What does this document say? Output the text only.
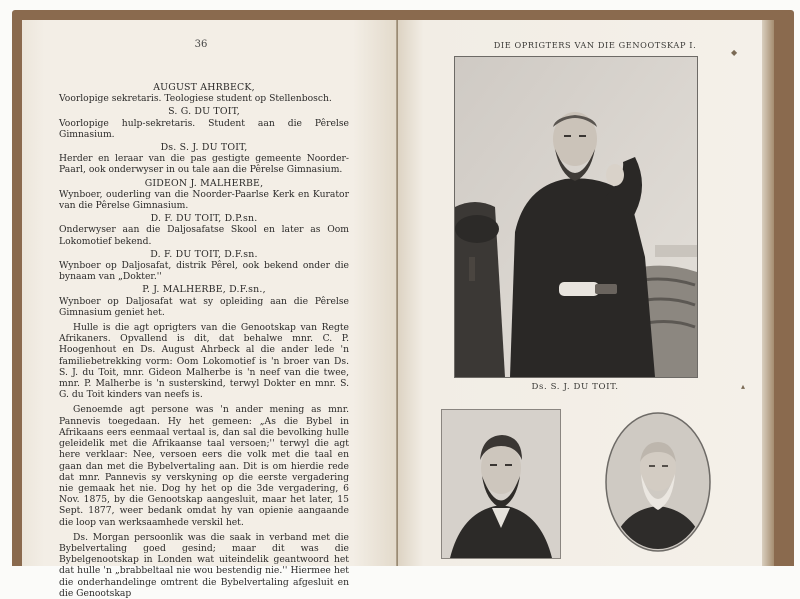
36
AUGUST AHRBECK,
Voorlopige sekretaris. Teologiese student op Stellenbosch.
S. G. DU TOIT,
Voorlopige hulp-sekretaris. Student aan die Pêrelse Gimnasium.
Ds. S. J. DU TOIT,
Herder en leraar van die pas gestigte gemeente Noorder-Paarl, ook onderwyser in ou tale aan die Pêrelse Gimnasium.
GIDEON J. MALHERBE,
Wynboer, ouderling van die Noorder-Paarlse Kerk en Kurator van die Pêrelse Gimnasium.
D. F. DU TOIT, D.P.sn.
Onderwyser aan die Daljosafatse Skool en later as Oom Lokomotief bekend.
D. F. DU TOIT, D.F.sn.
Wynboer op Daljosafat, distrik Pêrel, ook bekend onder die bynaam van „Dokter.''
P. J. MALHERBE, D.F.sn.,
Wynboer op Daljosafat wat sy opleiding aan die Pêrelse Gimnasium geniet het.

Hulle is die agt oprigters van die Genootskap van Regte Afrikaners. Opvallend is dit, dat behalwe mnr. C. P. Hoogenhout en Ds. August Ahrbeck al die ander lede 'n familiebetrekking vorm: Oom Lokomotief is 'n broer van Ds. S. J. du Toit, mnr. Gideon Malherbe is 'n neef van die twee, mnr. P. Malherbe is 'n susterskind, terwyl Dokter en mnr. S. G. du Toit kinders van neefs is.

Genoemde agt persone was 'n ander mening as mnr. Pannevis toegedaan. Hy het gemeen: „As die Bybel in Afrikaans eers eenmaal vertaal is, dan sal die bevolking hulle geleidelik met die Afrikaanse taal versoen;'' terwyl die agt here verklaar: Nee, versoen eers die volk met die taal en gaan dan met die Bybelvertaling aan. Dit is om hierdie rede dat mnr. Pannevis sy verskyning op die eerste vergadering nie gemaak het nie. Dog hy het op die 3de vergadering, 6 Nov. 1875, by die Genootskap aangesluit, maar het later, 15 Sept. 1877, weer bedank omdat hy van opienie aangaande die loop van werksaamhede verskil het.

Ds. Morgan persoonlik was die saak in verband met die Bybelvertaling goed gesind; maar dit was die Bybelgenootskap in Londen wat uiteindelik geantwoord het dat hulle 'n „brabbeltaal nie wou bestendig nie.'' Hiermee het die onderhandelinge omtrent die Bybelvertaling afgesluit en die Genootskap

DIE OPRIGTERS VAN DIE GENOOTSKAP I.
Ds. S. J. DU TOIT.
◆
▴
